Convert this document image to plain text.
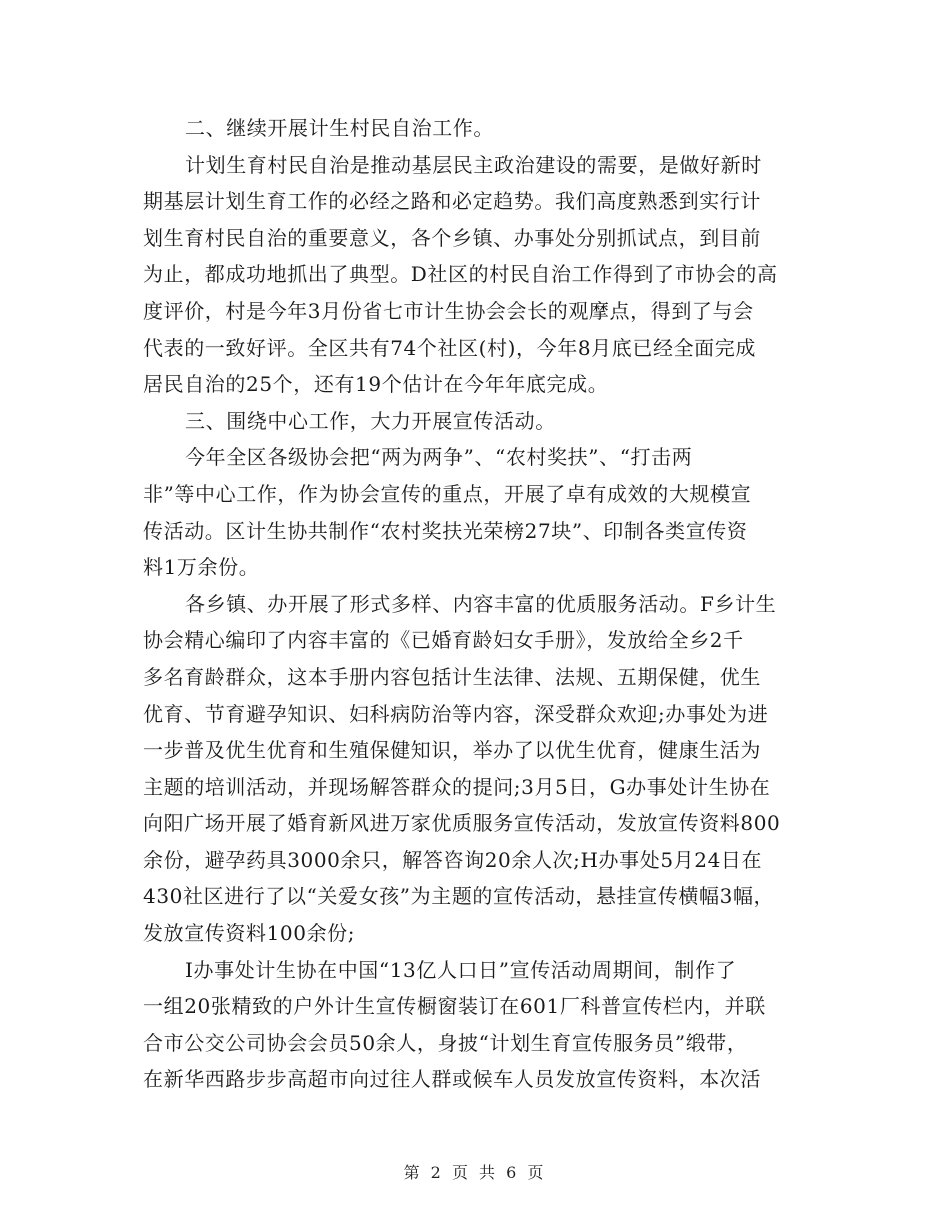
二、继续开展计生村民自治工作。
计划生育村民自治是推动基层民主政治建设的需要，是做好新时
期基层计划生育工作的必经之路和必定趋势。我们高度熟悉到实行计
划生育村民自治的重要意义，各个乡镇、办事处分别抓试点，到目前
为止，都成功地抓出了典型。D社区的村民自治工作得到了市协会的高
度评价，村是今年3月份省七市计生协会会长的观摩点，得到了与会
代表的一致好评。全区共有74个社区(村)，今年8月底已经全面完成
居民自治的25个，还有19个估计在今年年底完成。
三、围绕中心工作，大力开展宣传活动。
今年全区各级协会把“两为两争”、“农村奖扶”、“打击两
非”等中心工作，作为协会宣传的重点，开展了卓有成效的大规模宣
传活动。区计生协共制作“农村奖扶光荣榜27块”、印制各类宣传资
料1万余份。
各乡镇、办开展了形式多样、内容丰富的优质服务活动。F乡计生
协会精心编印了内容丰富的《已婚育龄妇女手册》，发放给全乡2千
多名育龄群众，这本手册内容包括计生法律、法规、五期保健，优生
优育、节育避孕知识、妇科病防治等内容，深受群众欢迎;办事处为进
一步普及优生优育和生殖保健知识，举办了以优生优育，健康生活为
主题的培训活动，并现场解答群众的提问;3月5日，G办事处计生协在
向阳广场开展了婚育新风进万家优质服务宣传活动，发放宣传资料800
余份，避孕药具3000余只，解答咨询20余人次;H办事处5月24日在
430社区进行了以“关爱女孩”为主题的宣传活动，悬挂宣传横幅3幅，
发放宣传资料100余份;
I办事处计生协在中国“13亿人口日”宣传活动周期间，制作了
一组20张精致的户外计生宣传橱窗装订在601厂科普宣传栏内，并联
合市公交公司协会会员50余人，身披“计划生育宣传服务员”缎带，
在新华西路步步高超市向过往人群或候车人员发放宣传资料，本次活
第 2 页 共 6 页
